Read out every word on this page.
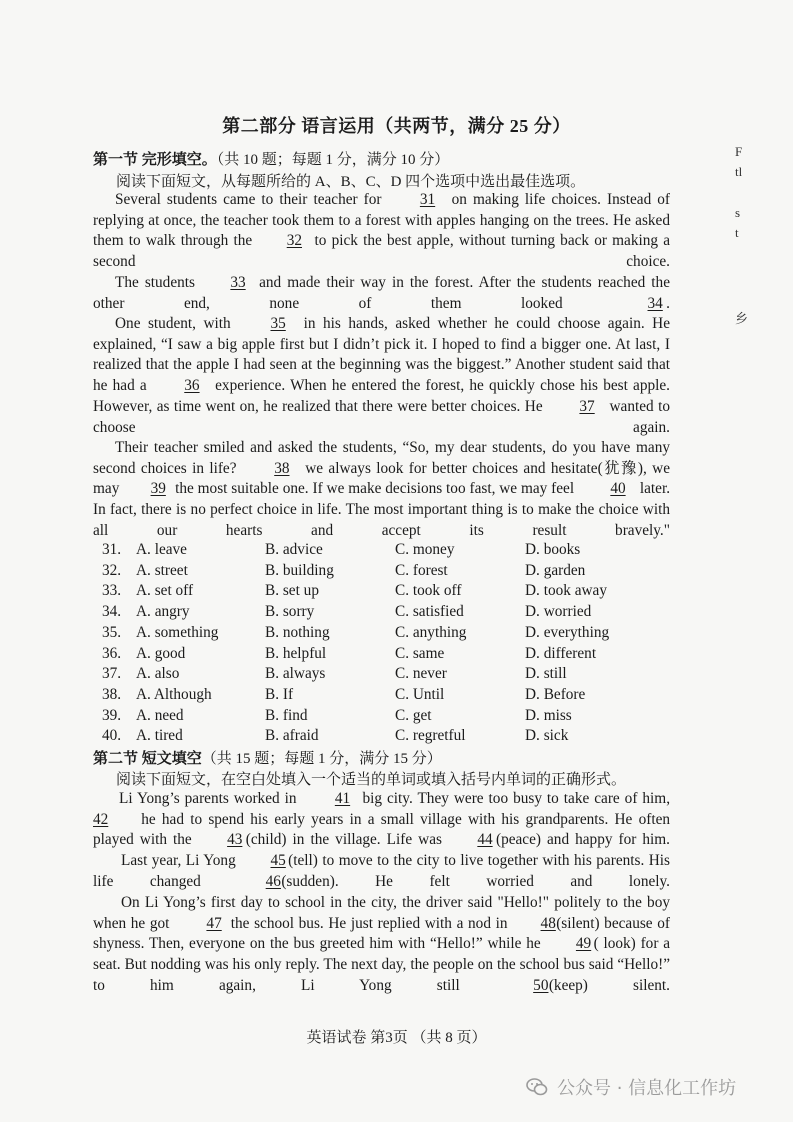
第二部分 语言运用（共两节，满分 25 分）
第一节 完形填空。（共 10 题；每题 1 分，满分 10 分）
阅读下面短文，从每题所给的 A、B、C、D 四个选项中选出最佳选项。
Several students came to their teacher for	31 on making life choices. Instead of replying at once, the teacher took them to a forest with apples hanging on the trees. He asked them to walk through the 32 to pick the best apple, without turning back or making a second choice.
The students 33 and made their way in the forest. After the students reached the other end, none of them looked	34 .
One student, with	35 in his hands, asked whether he could choose again. He explained, “I saw a big apple first but I didn’t pick it. I hoped to find a bigger one. At last, I realized that the apple I had seen at the beginning was the biggest.” Another student said that he had a 36 experience. When he entered the forest, he quickly chose his best apple. However, as time went on, he realized that there were better choices. He 37 wanted to choose again.
Their teacher smiled and asked the students, “So, my dear students, do you have many second choices in life? 38 we always look for better choices and hesitate(犹豫), we may 39 the most suitable one. If we make decisions too fast, we may feel 40 later. In fact, there is no perfect choice in life. The most important thing is to make the choice with all our hearts and accept its result bravely."
31.	A. leave	B. advice	C. money	D. books
32.	A. street	B. building	C. forest	D. garden
33.	A. set off	B. set up	C. took off	D. took away
34.	A. angry	B. sorry	C. satisfied	D. worried
35.	A. something	B. nothing	C. anything	D. everything
36.	A. good	B. helpful	C. same	D. different
37.	A. also	B. always	C. never	D. still
38.	A. Although	B. If	C. Until	D. Before
39.	A. need	B. find	C. get	D. miss
40.	A. tired	B. afraid	C. regretful	D. sick
第二节 短文填空（共 15 题；每题 1 分，满分 15 分）
阅读下面短文，在空白处填入一个适当的单词或填入括号内单词的正确形式。
Li Yong’s parents worked in	41 big city. They were too busy to take care of him, 42 he had to spend his early years in a small village with his grandparents. He often played with the 43 (child) in the village. Life was 44 (peace) and happy for him.
Last year, Li Yong 45 (tell) to move to the city to live together with his parents. His life changed	46(sudden). He felt worried and lonely.
On Li Yong’s first day to school in the city, the driver said "Hello!" politely to the boy when he got 47 the school bus. He just replied with a nod in 48(silent) because of shyness. Then, everyone on the bus greeted him with “Hello!” while he 49 ( look) for a seat. But nodding was his only reply. The next day, the people on the school bus said “Hello!” to him again, Li Yong still	50(keep) silent.
英语试卷 第3页 （共 8 页）
F
tl
s
t
乡
公众号 · 信息化工作坊
